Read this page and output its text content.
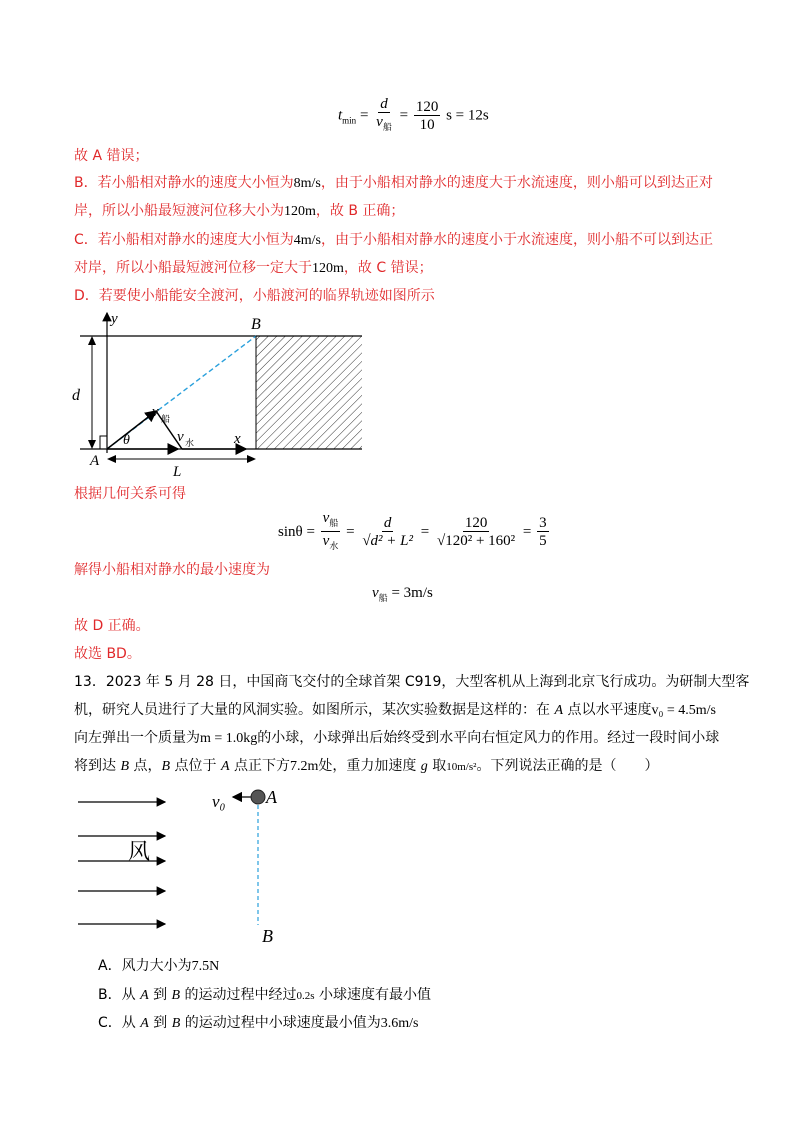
$t_{min} = \frac{d}{v_船} = \frac{120}{10}$ s = 12s
故 A 错误；
B．若小船相对静水的速度大小恒为8m/s，由于小船相对静水的速度大于水流速度，则小船可以到达正对
岸，所以小船最短渡河位移大小为120m，故 B 正确；
C．若小船相对静水的速度大小恒为4m/s，由于小船相对静水的速度小于水流速度，则小船不可以到达正
对岸，所以小船最短渡河位移一定大于120m，故 C 错误；
D．若要使小船能安全渡河，小船渡河的临界轨迹如图所示
y	B
d
v 船
θ	v 水	x
A
L
根据几何关系可得
$\sin\theta = \frac{v_船}{v_水} = \frac{d}{\text{√d² + L²}} = \frac{120}{\text{√120² + 160²}} = \frac{3}{5}$
解得小船相对静水的最小速度为
$v_船 = 3m/s$
故 D 正确。
故选 BD。
13．2023 年 5 月 28 日，中国商飞交付的全球首架 C919，大型客机从上海到北京飞行成功。为研制大型客
机，研究人员进行了大量的风洞实验。如图所示，某次实验数据是这样的：在 A 点以水平速度v₀ = 4.5m/s
向左弹出一个质量为m = 1.0kg的小球，小球弹出后始终受到水平向右恒定风力的作用。经过一段时间小球
将到达 B 点，B 点位于 A 点正下方7.2m处，重力加速度 g 取10m/s²。下列说法正确的是（　　）
风
v₀ A
B
A．风力大小为7.5N
B．从 A 到 B 的运动过程中经过0.2s 小球速度有最小值
C．从 A 到 B 的运动过程中小球速度最小值为3.6m/s
